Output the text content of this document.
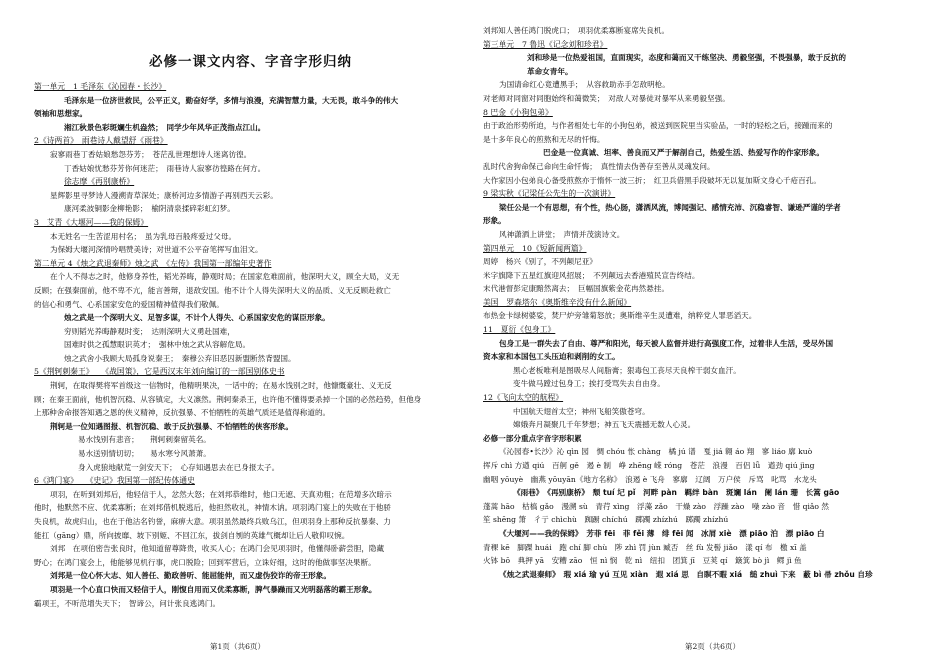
必修一课文内容、字音字形归纳
第一单元　1 毛泽东《沁园春・长沙》
毛泽东是一位济世救民，公平正义，勤奋好学，多情与浪漫，充满智慧力量，大无畏，敢斗争的伟大
领袖和思想家。
湘江秋景色彩斑斓生机盎然；　同学少年风华正茂指点江山。
2《诗两首》　雨巷诗人戴望舒《雨巷》
寂寥雨巷丁香姑娘愁怨芬芳；　苍茫乱世理想诗人迷离彷徨。
丁香姑娘忧愁芬芳你何迷茫；　雨巷诗人寂寥彷徨路在何方。
徐志摩《再别康桥》
星辉影里寻梦诗人漫溯青草深处；康桥河边多情游子再别西天云彩。
康河柔波铜影金柳艳影；　榆阴清泉揉碎彩虹幻梦。
3　艾青《大堰河——我的保姆》
本无姓名一生苦涩用村名；　虽为乳母百般疼爱过父母。
为保姆大堰河深情吟唱赞美诗；对世道不公平奋笔挥写血泪文。
第二单元 4《烛之武退秦师》烛之武　《左传》我国第一部编年史著作
在个人不得志之时，他修身养性，韬光养晦，静观时局；在国家危难面前，他深明大义，顾全大局，义无
反顾；在强秦面前，他不卑不亢，能言善辩，退敌安国。他不计个人得失深明大义的品质、义无反顾赴救亡
的信心和勇气、心系国家安危的爱国精神值得我们敬佩。
烛之武是一个深明大义、足智多谋，不计个人得失、心系国家安危的谋臣形象。
穷则韬光养晦静观时变；　达则深明大义勇赴国难，
国难时供之孤慧眼识英才；　强林中烛之武从容解危局。
烛之武舍小我顾大局孤身说秦王；　秦穆公弃旧恶囚新盟断然背盟国。
5《荆轲刺秦王》　　《战国策》，它是西汉末年刘向编订的一部国别体史书
荆轲，在取得樊将军首级这一信物时，他精明果决，一话中的；在易水饯别之时，他慷慨豪壮、义无反
顾；在秦王面前，他机智沉稳、从容镇定，大义凛然。荆轲秦杀王，也许他不懂得要杀掉一个国的必然趋势，但他身
上那种舍命报答知遇之恩的侠义精神，反抗强暴、不怕牺牲的英雄气质还是值得称道的。
荆轲是一位知遇图报、机智沉稳、敢于反抗强暴、不怕牺牲的侠客形象。
易水饯别有悲音；　　荆轲刺秦留英名。
易水送别情切切；　　易水寒兮风萧萧。
身入虎狼地献荒一剑安天下；　心存知遇思去在已身报太子。
6《鸿门宴》　　《史记》我国第一部纪传体通史
项羽，在听到刘邦后，他轻信于人，忿然大怒；在刘邦恭维时，他口无遮、天真劝粗；在范增多次暗示
他时，他默然不应、优柔寡断；在刘邦借机脱逃后，他担然收礼，神情木讷。项羽鸿门宴上的失败在于他骄
失良机，故虎归山，也在于他沽名钓誉，麻痹大意。项羽虽然最终兵败乌江，但项羽身上那种反抗暴秦、力
能扛（gāng）鼎，所向披靡、坡下别姬、不回江东，拔剑自刎的英雄气概却让后人敬仰叹惋。
刘邦　在项伯密告张良时，他知道留尊降贵，收买人心；在鸿门会见项羽时，他懂得卧薪尝胆，隐藏
野心；在鸿门宴会上，他能够见机行事，虎口脱险；回到军营后，立诛好细，这时的他做事坚决果断。
刘邦是一位心怀大志、知人善任、勤政善听、能屈能伸，而又虚伪狡诈的帝王形象。
项羽是一个心直口快而又轻信于人，刚愎自用而又优柔寡断，脾气暴躁而又光明磊落的霸王形象。
霸项王，不听范增失天下；　智谛公，问计张良逃鸿门。
第1页（共6页）
刘邦知人善任鸿门脱虎口；　项羽优柔寡断宴席失良机。
第三单元　7 鲁迅《记念刘和珍君》
刘和珍是一位热爱祖国，直面现实，态度和蔼而又干练坚决、勇毅坚强，不畏强暴，敢于反抗的
革命女青年。
为国请命红心竟遭黑手；　从容救助赤手怎敌明枪。
对老师对同窗对同胞始终和蔼微笑；　对敌人对暴徒对暴军从来勇毅坚强。
8 巴金《小狗包弟》
由于政治形势所迫，与作者相处七年的小狗包弟，被送到医院里当实验品，一时的轻松之后，接踵而来的
是十多年良心的煎熬和无尽的忏悔。
巴金是一位真诚、坦率、善良而又严于解剖自己，热爱生活、热爱写作的作家形象。
乱时代舍狗命保己命向生命忏悔；　真性情去伪善存至善从灵魂发问。
大作家因小包弟良心备受煎熬亦于惰怀一波三折；　红卫兵借黑手段破坏无以复加斯文身心千疮百孔。
9 梁实秋《记梁任公先生的一次演讲》
梁任公是一个有思想，有个性，热心肠，潇洒风流，博闻强记、感情充沛、沉稳睿智、谦逊严谨的学者
形象。
风神潇洒上讲堂；　声情并茂演诗文。
第四单元　10《短新闻两篇》
周婷　杨兴《别了，不列颠尼亚》
米字旗降下五星红旗迎风招展；　不列颠远去香港殖民宣告终结。
末代港督彭定康黯然离去；　巨幅国旗紫金花冉然悬挂。
美国　罗森塔尔《奥斯维辛没有什么新闻》
布热金卡绿树婆娑，焚尸炉旁雏菊怒放；奥斯维辛生灵遭难，纳粹党人罪恶滔天。
11　夏衍《包身工》
包身工是一群失去了自由、尊严和阳光，每天被人监督并进行高强度工作，过着非人生活，受尽外国
资本家和本国包工头压迫和剥削的女工。
黑心老板唯利是图吸尽人间脂膏；狠毒包工丧尽天良榨干弱女血汗。
变牛做马蹚过包身工；挨打受骂失去自由身。
12《飞向太空的航程》
中国航天翅首太空；神州飞船笑傲苍穹。
嫦娥奔月凝聚几千年梦想；神五飞天震撼无数人心灵。
必修一部分重点字音字形积累
《沁园春•长沙》沁 qìn 园　惆 chóu 怅 chàng　橘 jú 谱　戛 jiá 翱 áo 翔　寥 liáo 廓 kuò
挥斥 chì 方遒 qiú　百舸 gě　遏 è 制　峥 zhēng 嵘 róng　苍茫　浪漫　百侣 lǚ　遒劲 qiú jìng
幽咽 yōuyè　幽燕 yōuyān《地方名称》　浪遏 è 飞舟　寥廓　辽阔　万户侯　斥骂　叱骂　水龙头
《雨巷》　《再别康桥》　颓 tuí 圮 pǐ　河畔 pàn　羁绊 bàn　斑斓 lán　阑 lán 珊　长篙 gāo
蓬蒿 hāo　枯槁 gǎo　漫溯 sù　青荇 xìng　浮藻 zǎo　干燥 zào　浮躁 zào　噪 zào 音　惜 qiǎo 然
笙 shēng 箫　彳亍 chìchù　踟蹰 chíchú　踯躅 zhízhú　踯躅 zhízhú
《大堰河——我的保姆》　芳菲 fēi　菲 fěi 薄　绯 fēi 闻　冰屑 xiè　漂 piāo 泊　漂 piāo 白
青稞 kē　脚踝 huái　跑 chí 脚 chù　陟 zhì 罚 jùn 臧否　丝 fù 发髻 jiǎo　漾 qí 布　檄 xī 盖
火钵 bō　典押 yā　安糟 zāo　恒 nì 悯　乾 nì　纽扣　团箕 jī　豆荚 qí　簸箕 bò jì　鳏 jì 鱼
《烛之武退秦师》　瑕 xiá 瑜 yú 互见 xiàn　遐 xiá 思　自瞑不暇 xiá　缒 zhuì 下来　蔽 bì 帚 zhǒu 自珍
第2页（共6页）
